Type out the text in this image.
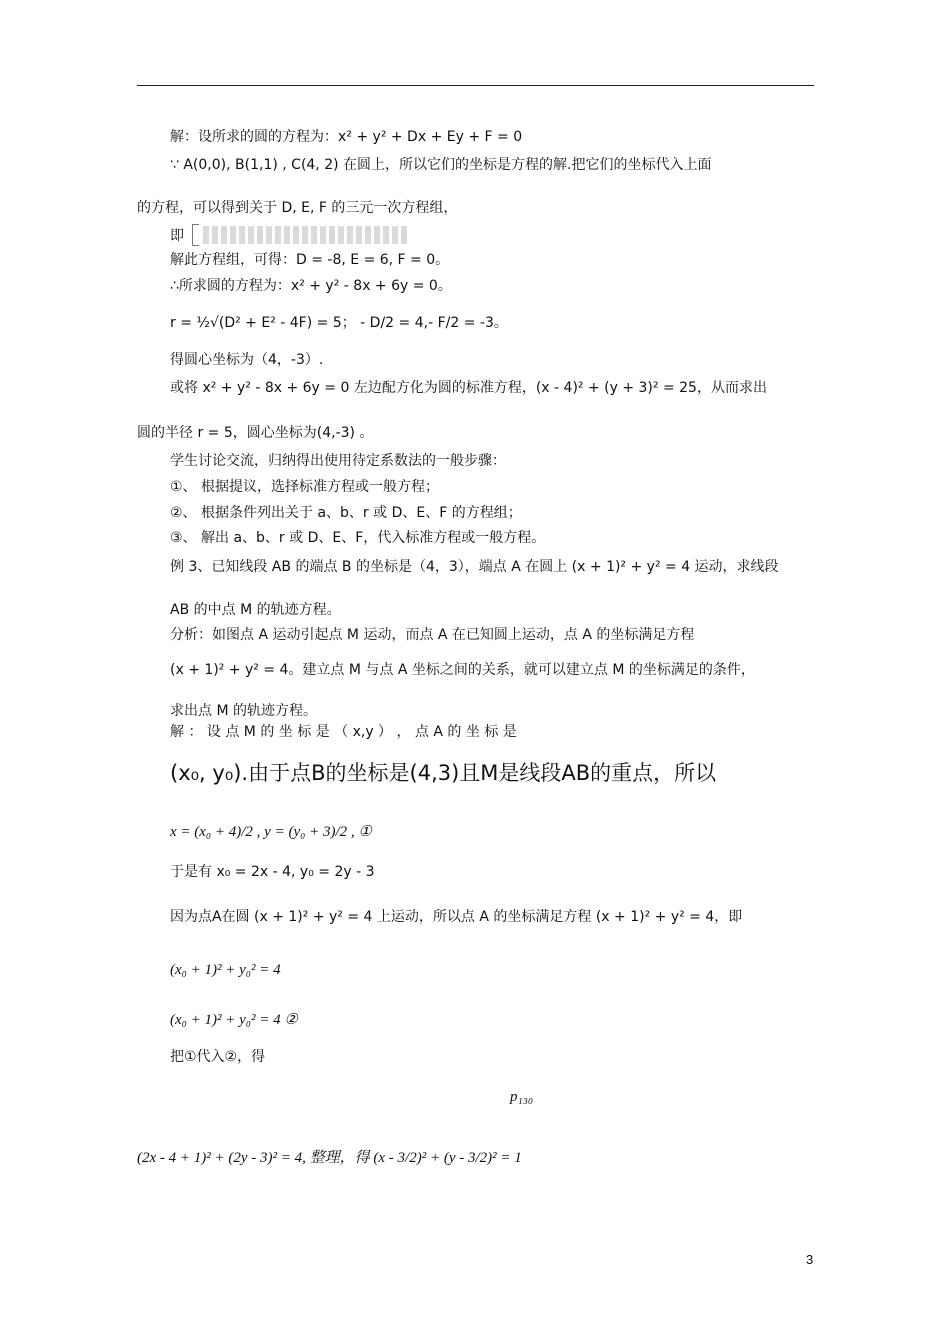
解：设所求的圆的方程为：x² + y² + Dx + Ey + F = 0
∵ A(0,0), B(1,1) , C(4, 2) 在圆上，所以它们的坐标是方程的解.把它们的坐标代入上面
的方程，可以得到关于 D, E, F 的三元一次方程组，
即
解此方程组，可得：D = -8, E = 6, F = 0。
∴所求圆的方程为：x² + y² - 8x + 6y = 0。
r = ½√(D² + E² - 4F) = 5； - D/2 = 4,- F/2 = -3。
得圆心坐标为（4，-3）.
或将 x² + y² - 8x + 6y = 0 左边配方化为圆的标准方程，(x - 4)² + (y + 3)² = 25，从而求出
圆的半径 r = 5，圆心坐标为(4,-3) 。
学生讨论交流，归纳得出使用待定系数法的一般步骤：
①、 根据提议，选择标准方程或一般方程；
②、 根据条件列出关于 a、b、r 或 D、E、F 的方程组；
③、 解出 a、b、r 或 D、E、F，代入标准方程或一般方程。
例 3、已知线段 AB 的端点 B 的坐标是（4，3），端点 A 在圆上 (x + 1)² + y² = 4 运动，求线段
AB 的中点 M 的轨迹方程。
分析：如图点 A 运动引起点 M 运动，而点 A 在已知圆上运动，点 A 的坐标满足方程
(x + 1)² + y² = 4。建立点 M 与点 A 坐标之间的关系，就可以建立点 M 的坐标满足的条件，
求出点 M 的轨迹方程。
解 ： 设 点 M 的 坐 标 是 （ x,y ） ， 点 A 的 坐 标 是
(x₀, y₀).由于点B的坐标是(4,3)且M是线段AB的重点，所以
x = (x₀ + 4)/2 , y = (y₀ + 3)/2 , ①
于是有 x₀ = 2x - 4, y₀ = 2y - 3
因为点A在圆 (x + 1)² + y² = 4 上运动，所以点 A 的坐标满足方程 (x + 1)² + y² = 4，即
(x₀ + 1)² + y₀² = 4
(x₀ + 1)² + y₀² = 4 ②
把①代入②，得
p₁₃₀
(2x - 4 + 1)² + (2y - 3)² = 4, 整理，得 (x - 3/2)² + (y - 3/2)² = 1
3
